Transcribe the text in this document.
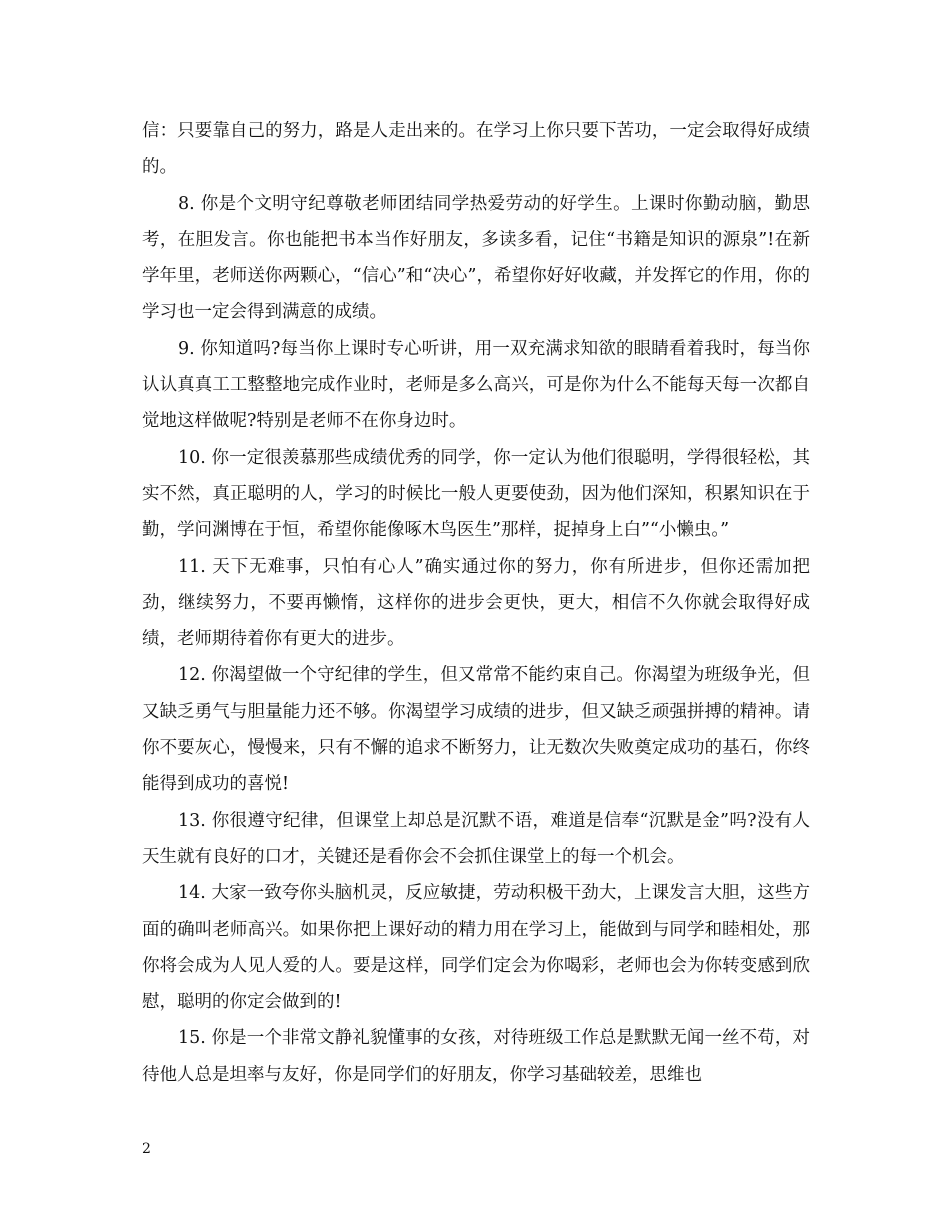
信：只要靠自己的努力，路是人走出来的。在学习上你只要下苦功，一定会取得好成绩的。

8. 你是个文明守纪尊敬老师团结同学热爱劳动的好学生。上课时你勤动脑，勤思考，在胆发言。你也能把书本当作好朋友，多读多看，记住“书籍是知识的源泉”!在新学年里，老师送你两颗心，“信心”和“决心”，希望你好好收藏，并发挥它的作用，你的学习也一定会得到满意的成绩。

9. 你知道吗?每当你上课时专心听讲，用一双充满求知欲的眼睛看着我时，每当你认认真真工工整整地完成作业时，老师是多么高兴，可是你为什么不能每天每一次都自觉地这样做呢?特别是老师不在你身边时。

10. 你一定很羡慕那些成绩优秀的同学，你一定认为他们很聪明，学得很轻松，其实不然，真正聪明的人，学习的时候比一般人更要使劲，因为他们深知，积累知识在于勤，学问渊博在于恒，希望你能像啄木鸟医生”那样，捉掉身上白”“小懒虫。”

11. 天下无难事，只怕有心人”确实通过你的努力，你有所进步，但你还需加把劲，继续努力，不要再懒惰，这样你的进步会更快，更大，相信不久你就会取得好成绩，老师期待着你有更大的进步。

12. 你渴望做一个守纪律的学生，但又常常不能约束自己。你渴望为班级争光，但又缺乏勇气与胆量能力还不够。你渴望学习成绩的进步，但又缺乏顽强拼搏的精神。请你不要灰心，慢慢来，只有不懈的追求不断努力，让无数次失败奠定成功的基石，你终能得到成功的喜悦!

13. 你很遵守纪律，但课堂上却总是沉默不语，难道是信奉“沉默是金”吗?没有人天生就有良好的口才，关键还是看你会不会抓住课堂上的每一个机会。

14. 大家一致夸你头脑机灵，反应敏捷，劳动积极干劲大，上课发言大胆，这些方面的确叫老师高兴。如果你把上课好动的精力用在学习上，能做到与同学和睦相处，那你将会成为人见人爱的人。要是这样，同学们定会为你喝彩，老师也会为你转变感到欣慰，聪明的你定会做到的!

15. 你是一个非常文静礼貌懂事的女孩，对待班级工作总是默默无闻一丝不苟，对待他人总是坦率与友好，你是同学们的好朋友，你学习基础较差，思维也

2
